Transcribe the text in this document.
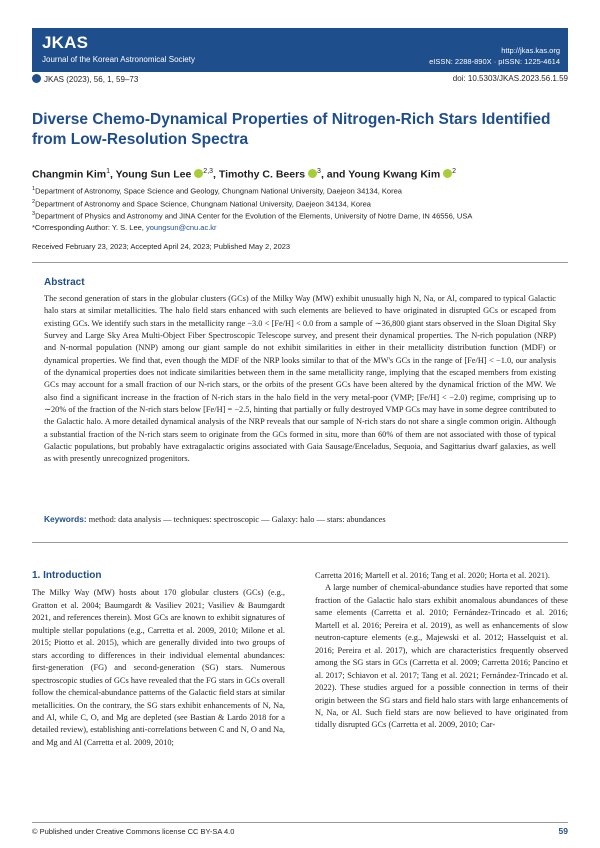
JKAS
Journal of the Korean Astronomical Society
http://jkas.kas.org
eISSN: 2288-890X · pISSN: 1225-4614
JKAS (2023), 56, 1, 59–73	doi: 10.5303/JKAS.2023.56.1.59
Diverse Chemo-Dynamical Properties of Nitrogen-Rich Stars Identified from Low-Resolution Spectra
Changmin Kim$^1$, Young Sun Lee $^{2,3}$, Timothy C. Beers $^3$, and Young Kwang Kim $^2$
$^1$Department of Astronomy, Space Science and Geology, Chungnam National University, Daejeon 34134, Korea
$^2$Department of Astronomy and Space Science, Chungnam National University, Daejeon 34134, Korea
$^3$Department of Physics and Astronomy and JINA Center for the Evolution of the Elements, University of Notre Dame, IN 46556, USA
*Corresponding Author: Y. S. Lee, youngsun@cnu.ac.kr
Received February 23, 2023; Accepted April 24, 2023; Published May 2, 2023
Abstract
The second generation of stars in the globular clusters (GCs) of the Milky Way (MW) exhibit unusually high N, Na, or Al, compared to typical Galactic halo stars at similar metallicities. The halo field stars enhanced with such elements are believed to have originated in disrupted GCs or escaped from existing GCs. We identify such stars in the metallicity range −3.0 < [Fe/H] < 0.0 from a sample of ∼36,800 giant stars observed in the Sloan Digital Sky Survey and Large Sky Area Multi-Object Fiber Spectroscopic Telescope survey, and present their dynamical properties. The N-rich population (NRP) and N-normal population (NNP) among our giant sample do not exhibit similarities in either in their metallicity distribution function (MDF) or dynamical properties. We find that, even though the MDF of the NRP looks similar to that of the MW's GCs in the range of [Fe/H] < −1.0, our analysis of the dynamical properties does not indicate similarities between them in the same metallicity range, implying that the escaped members from existing GCs may account for a small fraction of our N-rich stars, or the orbits of the present GCs have been altered by the dynamical friction of the MW. We also find a significant increase in the fraction of N-rich stars in the halo field in the very metal-poor (VMP; [Fe/H] < −2.0) regime, comprising up to ∼20% of the fraction of the N-rich stars below [Fe/H] = −2.5, hinting that partially or fully destroyed VMP GCs may have in some degree contributed to the Galactic halo. A more detailed dynamical analysis of the NRP reveals that our sample of N-rich stars do not share a single common origin. Although a substantial fraction of the N-rich stars seem to originate from the GCs formed in situ, more than 60% of them are not associated with those of typical Galactic populations, but probably have extragalactic origins associated with Gaia Sausage/Enceladus, Sequoia, and Sagittarius dwarf galaxies, as well as with presently unrecognized progenitors.
Keywords: method: data analysis — techniques: spectroscopic — Galaxy: halo — stars: abundances
1. Introduction

The Milky Way (MW) hosts about 170 globular clusters (GCs) (e.g., Gratton et al. 2004; Baumgardt & Vasiliev 2021; Vasiliev & Baumgardt 2021, and references therein). Most GCs are known to exhibit signatures of multiple stellar populations (e.g., Carretta et al. 2009, 2010; Milone et al. 2015; Piotto et al. 2015), which are generally divided into two groups of stars according to differences in their individual elemental abundances: first-generation (FG) and second-generation (SG) stars. Numerous spectroscopic studies of GCs have revealed that the FG stars in GCs overall follow the chemical-abundance patterns of the Galactic field stars at similar metallicities. On the contrary, the SG stars exhibit enhancements of N, Na, and Al, while C, O, and Mg are depleted (see Bastian & Lardo 2018 for a detailed review), establishing anti-correlations between C and N, O and Na, and Mg and Al (Carretta et al. 2009, 2010;

Carretta 2016; Martell et al. 2016; Tang et al. 2020; Horta et al. 2021).

A large number of chemical-abundance studies have reported that some fraction of the Galactic halo stars exhibit anomalous abundances of these same elements (Carretta et al. 2010; Fernández-Trincado et al. 2016; Martell et al. 2016; Pereira et al. 2019), as well as enhancements of slow neutron-capture elements (e.g., Majewski et al. 2012; Hasselquist et al. 2016; Pereira et al. 2017), which are characteristics frequently observed among the SG stars in GCs (Carretta et al. 2009; Carretta 2016; Pancino et al. 2017; Schiavon et al. 2017; Tang et al. 2021; Fernández-Trincado et al. 2022). These studies argued for a possible connection in terms of their origin between the SG stars and field halo stars with large enhancements of N, Na, or Al. Such field stars are now believed to have originated from tidally disrupted GCs (Carretta et al. 2009, 2010; Car-

© Published under Creative Commons license CC BY-SA 4.0	59
